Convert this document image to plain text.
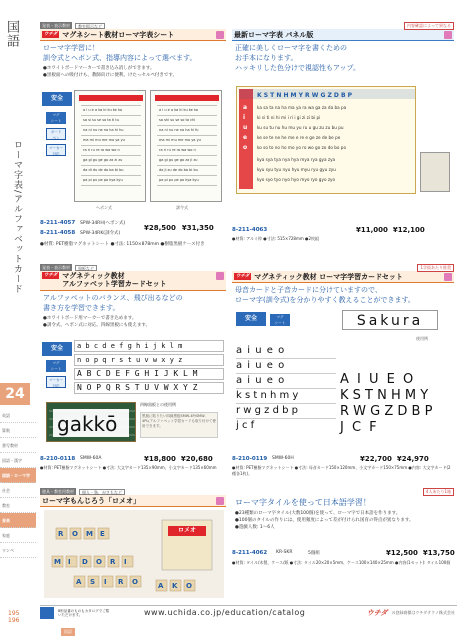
国語
ローマ字表/アルファベットカード
24
英語
算数
書写教材
国語・漢字
国語・ローマ字
社会
教室
音楽
家庭
ワンペ
195
196
発表・表示教材	教室掲示など
ウチダ マグネシート教材ローマ字表シート
ローマ字学習に！
訓令式とヘボン式、指導内容によって選べます。
●ホワイトボードマーカーで書き込み消しができます。
●黒板面への吸付けも、教師向けに便利。けたっセルペ付きです。
安全
マグ
シート
ボード
ペン
マーカー
対応
a i u e o ka ki ku ke ko
sa si su se so ta ti tu
na ni nu ne no ha hi hu
ma mi mu me mo ya yu
ra ri ru re ro wa wo n
ga gi gu ge go za zi zu
da di du de do ba bi bu
pa pi pu pe po kya kyu
a i u e o ka ki ku ke ko
sa shi su se so ta chi
na ni nu ne no ha hi fu
ma mi mu me mo ya yu
ra ri ru re ro wa wo n
ga gi gu ge go za ji zu
da ji zu de do ba bi bu
pa pi pu pe po kya kyu
ヘボン式	訓令式
8-211-4057	SPW-34RH(ヘボン式)
8-211-4058	SPW-34RK(訓令式)
¥28,500 ¥31,350
●材質: PET樹脂マグネットシート ●寸法: 1150×878mm ●樹脂黒板ケース付き
内容確認によって異なる
最新ローマ字表 パネル版
正確に美しくローマ字を書くための
お手本になります。
ハッキリした色分けで視認性もアップ。
K S T N H M Y R W G Z D B P
ka sa ta na ha ma ya ra wa ga za da ba pa
ki si ti ni hi mi i ri i gi zi zi bi pi
ku su tu nu hu mu yu ru u gu zu zu bu pu
ke se te ne he me e re e ge ze de be pe
ko so to no ho mo yo ro wo go zo do bo po
kya sya tya nya hya mya rya gya zya
kyu syu tyu nyu hyu myu ryu gyu zyu
kyo syo tyo nyo hyo myo ryo gyo zyo
a
i
u
e
o
8-211-4063	¥11,000 ¥12,100
●材質: アルミ枠 ●寸法: 515×728mm ●2枚組
発表・表示教材	黒板など
ウチダ マグネティック教材
アルファベット学習カードセット
アルファベットのバランス、飛び出るなどの
書き方を学習できます。
●ホワイトボード用マーカーで書き込めます。
●訓令式、ヘボン式に対応。四線黒板にも使えます。
安全
マグ
シート
マーカー
対応
a b c d e f g h i j k l m
n o p q r s t u v w x y z
A B C D E F G H I J K L M
N O P Q R S T U V W X Y Z
gakkō
四線黒板との使用例
黒板に貼りたい四線黒板SMW-4P/SMW-4PL(アルファベット学習カードも取り付けて使用できます。
8-210-0118	SMW-60A	¥18,800 ¥20,680
●材質: PET樹脂マグネットシート ●寸法: 大文字カード135×90mm、小文字カード135×60mm
1学級あたり推奨
ウチダ マグネティック教材 ローマ字学習カードセット
母音カードと子音カードに分けていますので、
ローマ字(訓令式)を分かりやすく教えることができます。
安全	マグ
シート	Sakura
使用例
a i u e o
a i u e o
a i u e o
k s t n h m y
r w g z d b p
j c f
A I U E O
K S T N H M Y
R W G Z D B P
J C F
8-210-0119	SMW-60H	¥22,700 ¥24,970
●材質: PET樹脂マグネットシート ●寸法: 母音カード150×120mm、小文字カード150×75mm ●内容: 大文字カード(2種各1枚)、
遊具・教室用教材	個人・塾、がさもなど	4人あたり1箱
ローマ字もんじろう「ロメオ」
R O M E
M I D O R I
A S I R O	A K O
ロメオ
ローマ字タイルを使って日本語学習！
●23種類のローマ字タイル(大数100個)を使って、ローマ字で日本語を作ります。
●100個のタイルの作りには、使用頻度によって差が付けられ国育の得点が異なります。
●遊戯人数: 1～6人
8-211-4062	KR-SKR	5個組	¥12,500 ¥13,750
●材質: タイル/木製、ケース/紙 ●寸法: タイル20×20×5mm、ケース100×140×25mm ●内容(1セット): タイル100個
8桁品番のものもカタログでご覧いただけます。	www.uchida.co.jp/education/catalog	ウチダ の登録商標はウチダテクノ株式会社
国語
